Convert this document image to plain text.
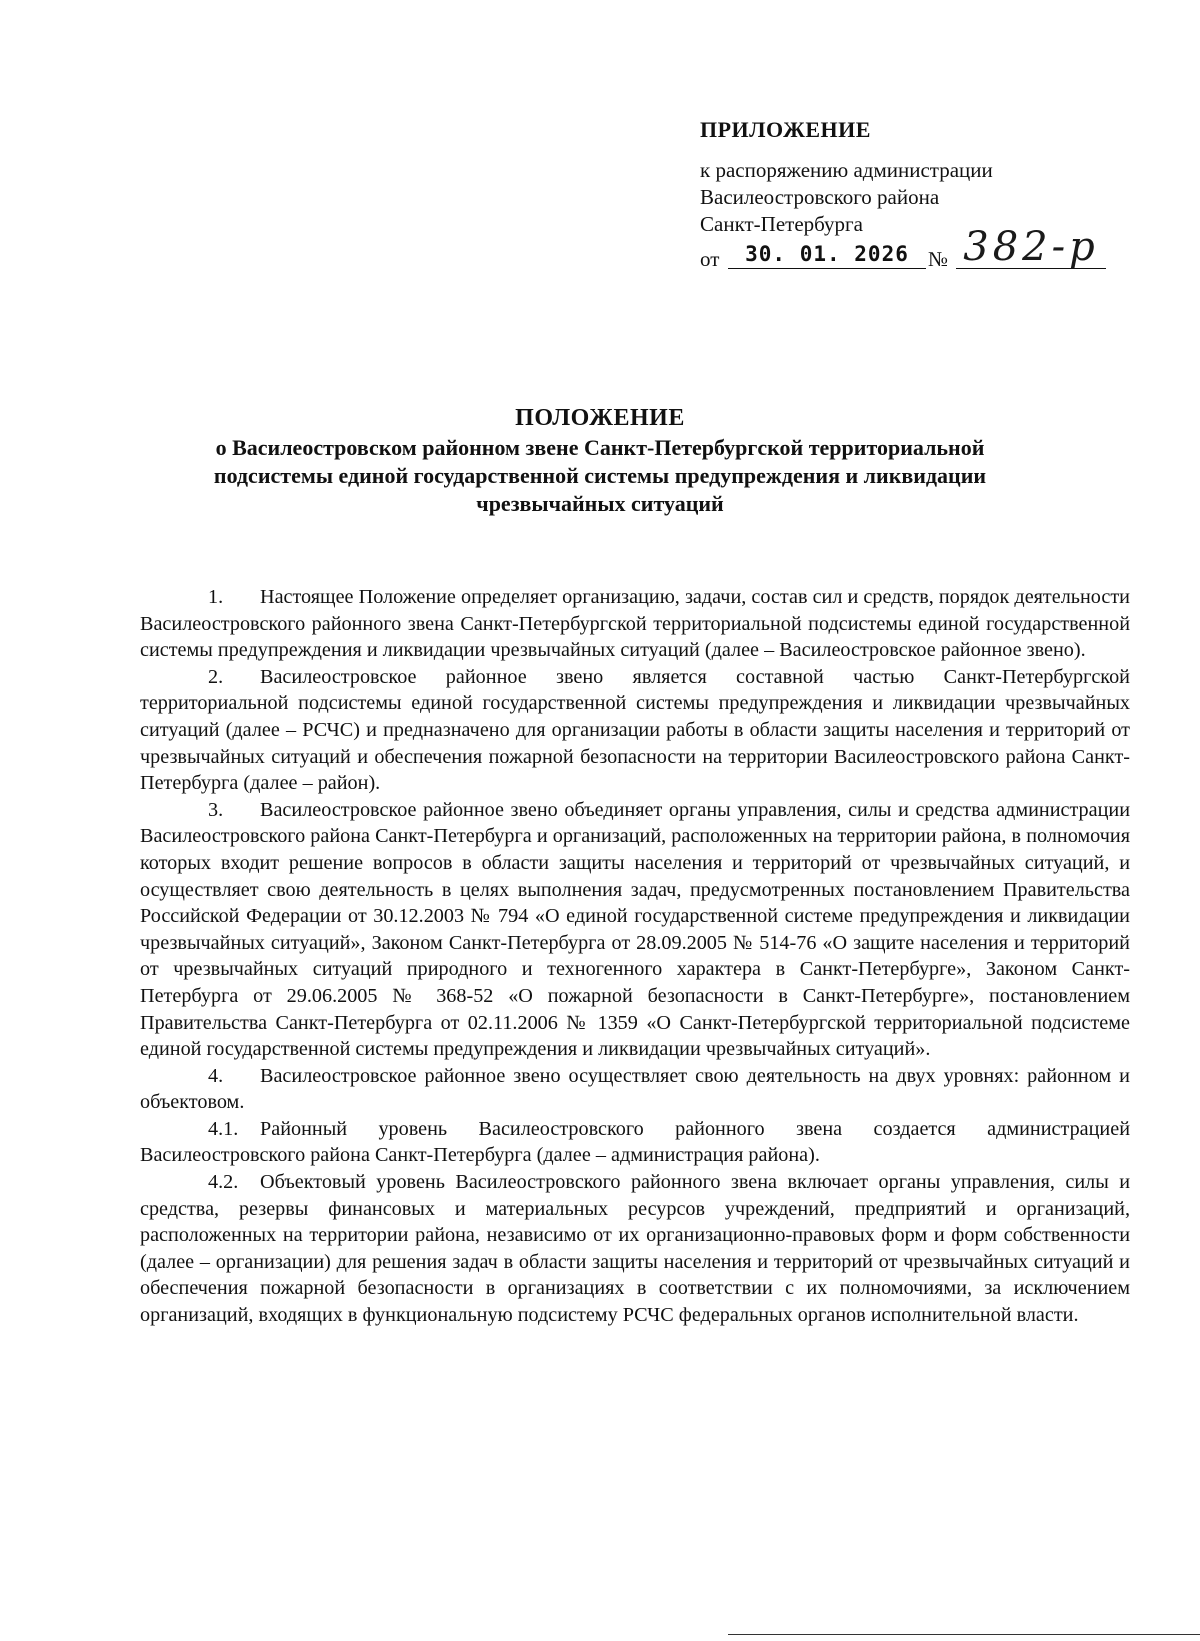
ПРИЛОЖЕНИЕ
к распоряжению администрации
Василеостровского района
Санкт-Петербурга
от	30. 01. 2026 № 382-р
ПОЛОЖЕНИЕ
о Василеостровском районном звене Санкт-Петербургской территориальной
подсистемы единой государственной системы предупреждения и ликвидации
чрезвычайных ситуаций

1. Настоящее Положение определяет организацию, задачи, состав сил и средств, порядок деятельности Василеостровского районного звена Санкт-Петербургской территориальной подсистемы единой государственной системы предупреждения и ликвидации чрезвычайных ситуаций (далее – Василеостровское районное звено).

2. Василеостровское районное звено является составной частью Санкт-Петербургской территориальной подсистемы единой государственной системы предупреждения и ликвидации чрезвычайных ситуаций (далее – РСЧС) и предназначено для организации работы в области защиты населения и территорий от чрезвычайных ситуаций и обеспечения пожарной безопасности на территории Василеостровского района Санкт-Петербурга (далее – район).

3. Василеостровское районное звено объединяет органы управления, силы и средства администрации Василеостровского района Санкт-Петербурга и организаций, расположенных на территории района, в полномочия которых входит решение вопросов в области защиты населения и территорий от чрезвычайных ситуаций, и осуществляет свою деятельность в целях выполнения задач, предусмотренных постановлением Правительства Российской Федерации от 30.12.2003 № 794 «О единой государственной системе предупреждения и ликвидации чрезвычайных ситуаций», Законом Санкт-Петербурга от 28.09.2005 № 514-76 «О защите населения и территорий от чрезвычайных ситуаций природного и техногенного характера в Санкт-Петербурге», Законом Санкт-Петербурга от 29.06.2005 № 368-52 «О пожарной безопасности в Санкт-Петербурге», постановлением Правительства Санкт-Петербурга от 02.11.2006 № 1359 «О Санкт-Петербургской территориальной подсистеме единой государственной системы предупреждения и ликвидации чрезвычайных ситуаций».

4. Василеостровское районное звено осуществляет свою деятельность на двух уровнях: районном и объектовом.

4.1. Районный уровень Василеостровского районного звена создается администрацией Василеостровского района Санкт-Петербурга (далее – администрация района).

4.2. Объектовый уровень Василеостровского районного звена включает органы управления, силы и средства, резервы финансовых и материальных ресурсов учреждений, предприятий и организаций, расположенных на территории района, независимо от их организационно-правовых форм и форм собственности (далее – организации) для решения задач в области защиты населения и территорий от чрезвычайных ситуаций и обеспечения пожарной безопасности в организациях в соответствии с их полномочиями, за исключением организаций, входящих в функциональную подсистему РСЧС федеральных органов исполнительной власти.
